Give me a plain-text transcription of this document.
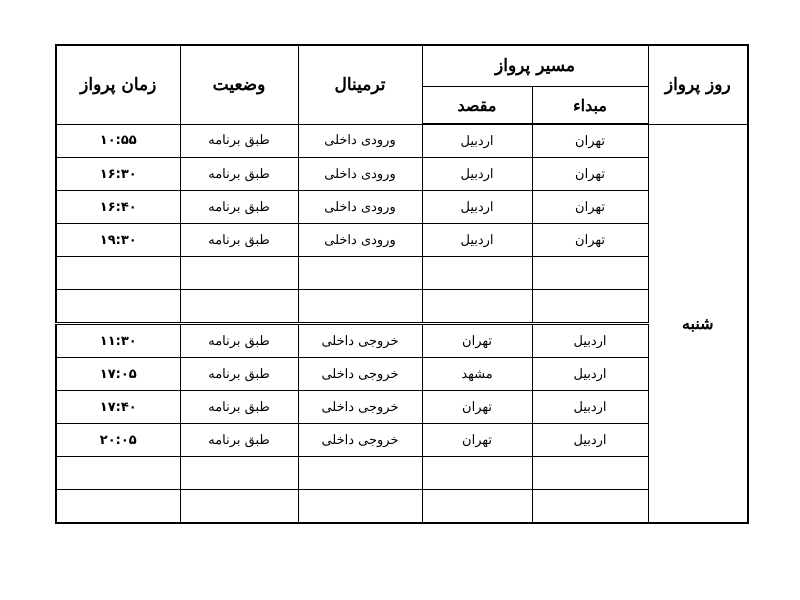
روز پرواز	مسیر پرواز		ترمینال	وضعیت	زمان پرواز
	مبداء	مقصد			
شنبه	تهران	اردبیل	ورودی داخلی	طبق برنامه	۱۰:۵۵
	تهران	اردبیل	ورودی داخلی	طبق برنامه	۱۶:۳۰
	تهران	اردبیل	ورودی داخلی	طبق برنامه	۱۶:۴۰
	تهران	اردبیل	ورودی داخلی	طبق برنامه	۱۹:۳۰

	اردبیل	تهران	خروجی داخلی	طبق برنامه	۱۱:۳۰
	اردبیل	مشهد	خروجی داخلی	طبق برنامه	۱۷:۰۵
	اردبیل	تهران	خروجی داخلی	طبق برنامه	۱۷:۴۰
	اردبیل	تهران	خروجی داخلی	طبق برنامه	۲۰:۰۵
